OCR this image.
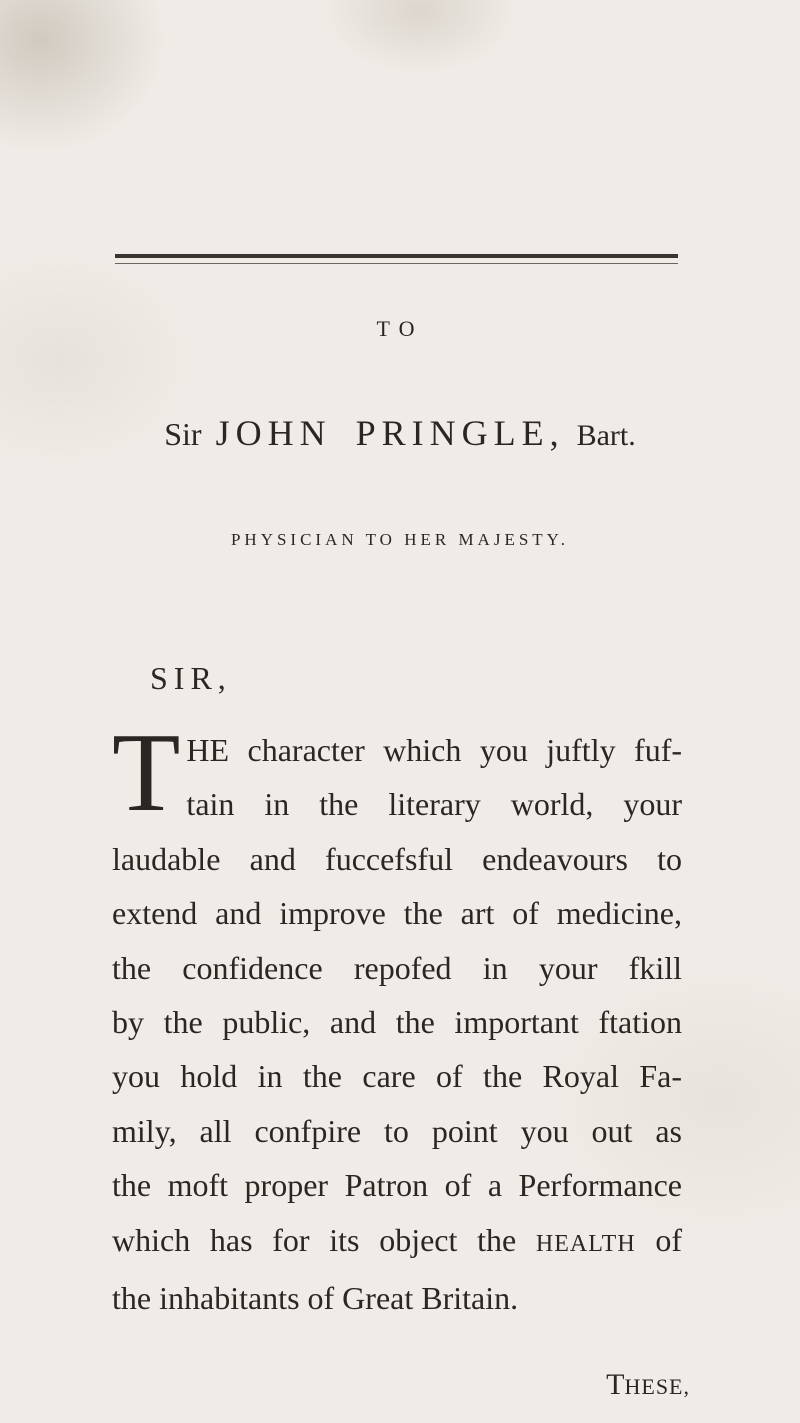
TO
Sir JOHN PRINGLE, Bart.
PHYSICIAN TO HER MAJESTY.
SIR,
T HE character which you juftly fuf-

tain in the literary world, your

laudable and fuccefsful endeavours to

extend and improve the art of medicine,

the confidence repofed in your fkill

by the public, and the important ftation

you hold in the care of the Royal Fa-

mily, all confpire to point you out as

the moft proper Patron of a Performance

which has for its object the HEALTH of

the inhabitants of Great Britain.

THESE,
